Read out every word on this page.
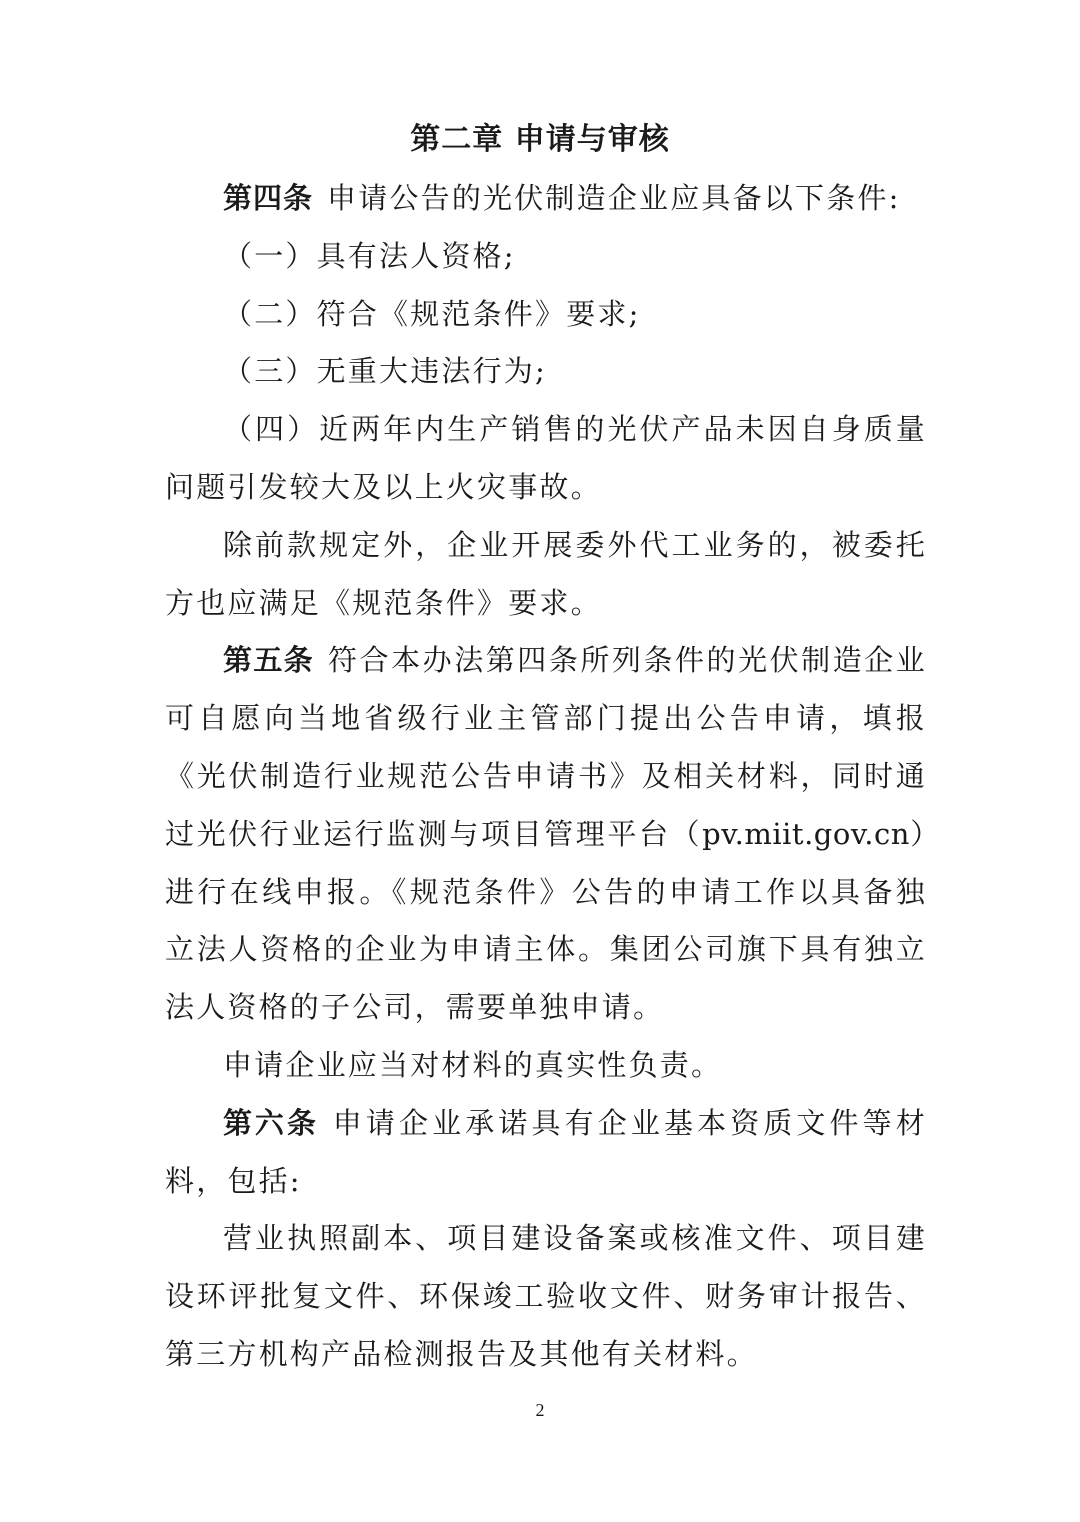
第二章 申请与审核

第四条 申请公告的光伏制造企业应具备以下条件:

（一）具有法人资格;

（二）符合《规范条件》要求;

（三）无重大违法行为;

（四）近两年内生产销售的光伏产品未因自身质量问题引发较大及以上火灾事故。

除前款规定外，企业开展委外代工业务的，被委托方也应满足《规范条件》要求。

第五条 符合本办法第四条所列条件的光伏制造企业可自愿向当地省级行业主管部门提出公告申请，填报《光伏制造行业规范公告申请书》及相关材料，同时通过光伏行业运行监测与项目管理平台（pv.miit.gov.cn）进行在线申报。《规范条件》公告的申请工作以具备独立法人资格的企业为申请主体。集团公司旗下具有独立法人资格的子公司，需要单独申请。

申请企业应当对材料的真实性负责。

第六条 申请企业承诺具有企业基本资质文件等材料，包括:

营业执照副本、项目建设备案或核准文件、项目建设环评批复文件、环保竣工验收文件、财务审计报告、第三方机构产品检测报告及其他有关材料。

2
